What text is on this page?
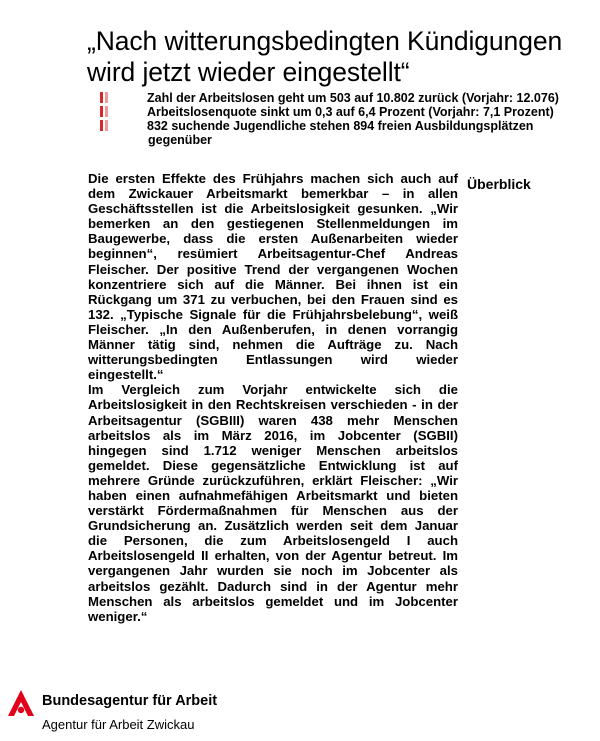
„Nach witterungsbedingten Kündigungen
wird jetzt wieder eingestellt“
Zahl der Arbeitslosen geht um 503 auf 10.802 zurück (Vorjahr: 12.076)
Arbeitslosenquote sinkt um 0,3 auf 6,4 Prozent (Vorjahr: 7,1 Prozent)
832 suchende Jugendliche stehen 894 freien Ausbildungsplätzen
gegenüber
Überblick
Die ersten Effekte des Frühjahrs machen sich auch auf dem Zwickauer Arbeitsmarkt bemerkbar – in allen Geschäftsstellen ist die Arbeitslosigkeit gesunken. „Wir bemerken an den gestiegenen Stellenmeldungen im Baugewerbe, dass die ersten Außenarbeiten wieder beginnen“, resümiert Arbeitsagentur-Chef Andreas Fleischer. Der positive Trend der vergangenen Wochen konzentriere sich auf die Männer. Bei ihnen ist ein Rückgang um 371 zu verbuchen, bei den Frauen sind es 132. „Typische Signale für die Frühjahrsbelebung“, weiß Fleischer. „In den Außenberufen, in denen vorrangig Männer tätig sind, nehmen die Aufträge zu. Nach witterungsbedingten Entlassungen wird wieder eingestellt.“
Im Vergleich zum Vorjahr entwickelte sich die Arbeitslosigkeit in den Rechtskreisen verschieden - in der Arbeitsagentur (SGBIII) waren 438 mehr Menschen arbeitslos als im März 2016, im Jobcenter (SGBII) hingegen sind 1.712 weniger Menschen arbeitslos gemeldet. Diese gegensätzliche Entwicklung ist auf mehrere Gründe zurückzuführen, erklärt Fleischer: „Wir haben einen aufnahmefähigen Arbeitsmarkt und bieten verstärkt Fördermaßnahmen für Menschen aus der Grundsicherung an. Zusätzlich werden seit dem Januar die Personen, die zum Arbeitslosengeld I auch Arbeitslosengeld II erhalten, von der Agentur betreut. Im vergangenen Jahr wurden sie noch im Jobcenter als arbeitslos gezählt. Dadurch sind in der Agentur mehr Menschen als arbeitslos gemeldet und im Jobcenter weniger.“
Bundesagentur für Arbeit
Agentur für Arbeit Zwickau
